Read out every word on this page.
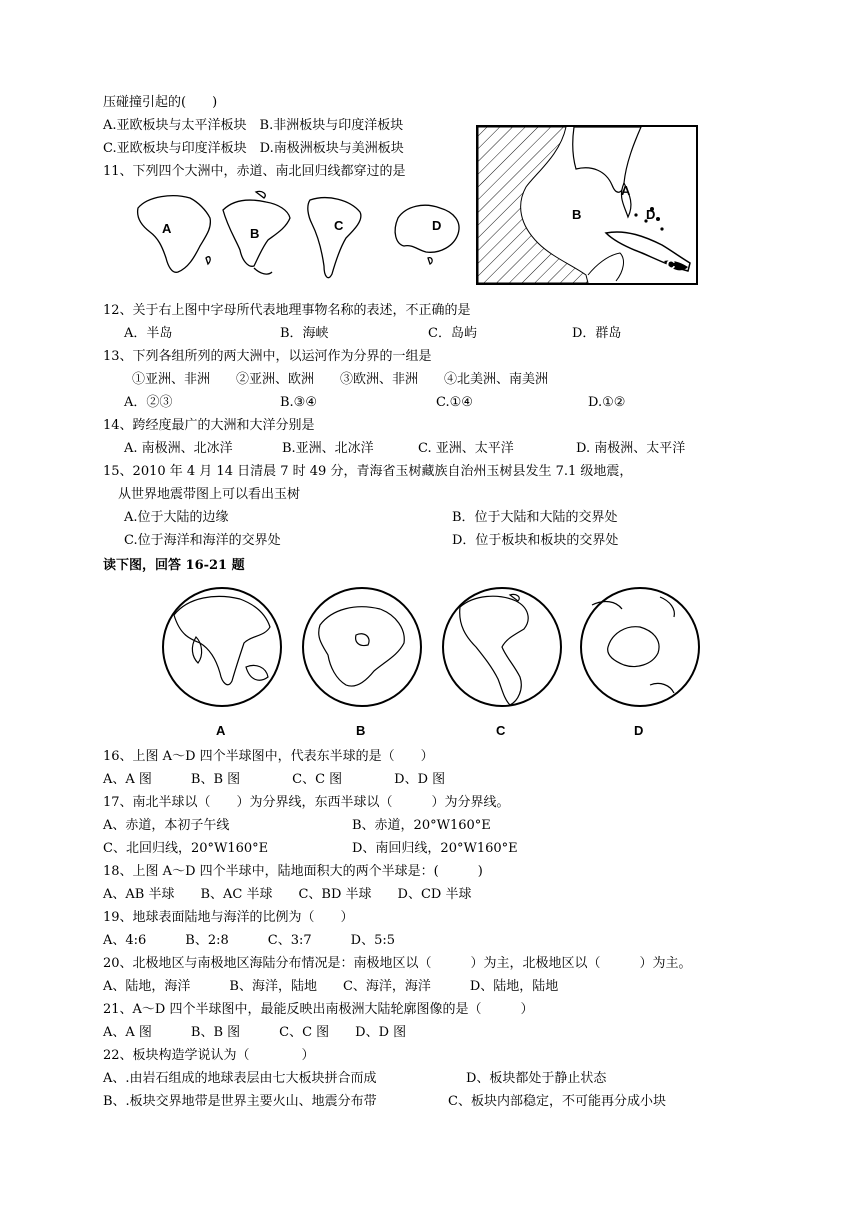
压碰撞引起的(　　)
A.亚欧板块与太平洋板块　B.非洲板块与印度洋板块
C.亚欧板块与印度洋板块　D.南极洲板块与美洲板块
11、下列四个大洲中，赤道、南北回归线都穿过的是
A	B
C	D
A
B	D
C
12、关于右上图中字母所代表地理事物名称的表述，不正确的是
A．半岛	B．海峡	C．岛屿	D．群岛
13、下列各组所列的两大洲中，以运河作为分界的一组是
①亚洲、非洲　　②亚洲、欧洲　　③欧洲、非洲　　④北美洲、南美洲
A．②③	B.③④	C.①④	D.①②
14、跨经度最广的大洲和大洋分别是
A. 南极洲、北冰洋	B.亚洲、北冰洋	C. 亚洲、太平洋	D. 南极洲、太平洋
15、2010 年 4 月 14 日清晨 7 时 49 分，青海省玉树藏族自治州玉树县发生 7.1 级地震，
从世界地震带图上可以看出玉树
A.位于大陆的边缘	B．位于大陆和大陆的交界处
C.位于海洋和海洋的交界处	D．位于板块和板块的交界处
读下图，回答 16-21 题
A	B	C	D
16、上图 A～D 四个半球图中，代表东半球的是（　　）
A、A 图　　　B、B 图　　　　C、C 图　　　　D、D 图
17、南北半球以（　　）为分界线，东西半球以（　　　）为分界线。
A、赤道，本初子午线	B、赤道，20°W160°E
C、北回归线，20°W160°E	D、南回归线，20°W160°E
18、上图 A～D 四个半球中，陆地面积大的两个半球是：(　　　)
A、AB 半球　　B、AC 半球　　C、BD 半球　　D、CD 半球
19、地球表面陆地与海洋的比例为（　　）
A、4:6　　　B、2:8　　　C、3:7　　　D、5:5
20、北极地区与南极地区海陆分布情况是：南极地区以（　　　）为主，北极地区以（　　　）为主。
A、陆地，海洋　　　B、海洋，陆地　　C、海洋，海洋　　　D、陆地，陆地
21、A～D 四个半球图中，最能反映出南极洲大陆轮廓图像的是（　　　）
A、A 图　　　B、B 图　　　C、C 图　　D、D 图
22、板块构造学说认为（　　　　）
A、.由岩石组成的地球表层由七大板块拼合而成	D、板块都处于静止状态
B、.板块交界地带是世界主要火山、地震分布带	C、板块内部稳定，不可能再分成小块
